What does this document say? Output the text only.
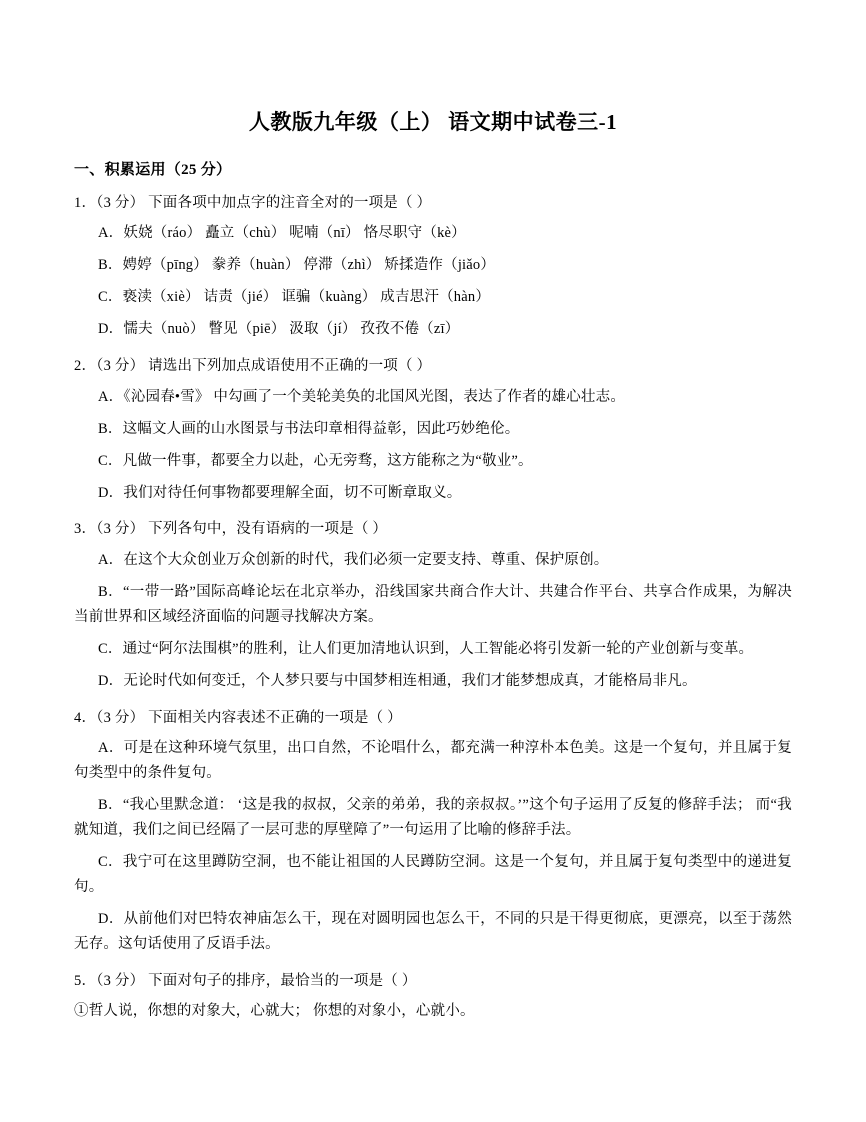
人教版九年级（上） 语文期中试卷三-1
一、积累运用（25 分）
1．（3 分） 下面各项中加点字的注音全对的一项是（ ）
A．妖娆（ráo） 矗立（chù） 呢喃（nī） 恪尽职守（kè）
B．娉婷（pīng） 豢养（huàn） 停滞（zhì） 矫揉造作（jiǎo）
C．亵渎（xiè） 诘责（jié） 诓骗（kuàng） 成吉思汗（hàn）
D．懦夫（nuò） 瞥见（piē） 汲取（jí） 孜孜不倦（zī）
2．（3 分） 请选出下列加点成语使用不正确的一项（ ）
A．《沁园春•雪》 中勾画了一个美轮美奂的北国风光图，表达了作者的雄心壮志。
B．这幅文人画的山水图景与书法印章相得益彰，因此巧妙绝伦。
C．凡做一件事，都要全力以赴，心无旁骛，这方能称之为“敬业”。
D．我们对待任何事物都要理解全面，切不可断章取义。
3．（3 分） 下列各句中，没有语病的一项是（ ）
A．在这个大众创业万众创新的时代，我们必须一定要支持、尊重、保护原创。
B．“一带一路”国际高峰论坛在北京举办，沿线国家共商合作大计、共建合作平台、共享合作成果，为解决当前世界和区域经济面临的问题寻找解决方案。
C．通过“阿尔法围棋”的胜利，让人们更加清地认识到，人工智能必将引发新一轮的产业创新与变革。
D．无论时代如何变迁，个人梦只要与中国梦相连相通，我们才能梦想成真，才能格局非凡。
4．（3 分） 下面相关内容表述不正确的一项是（ ）
A．可是在这种环境气氛里，出口自然，不论唱什么，都充满一种淳朴本色美。这是一个复句，并且属于复句类型中的条件复句。
B．“我心里默念道： ‘这是我的叔叔，父亲的弟弟，我的亲叔叔。’”这个句子运用了反复的修辞手法； 而“我就知道，我们之间已经隔了一层可悲的厚壁障了”一句运用了比喻的修辞手法。
C．我宁可在这里蹲防空洞，也不能让祖国的人民蹲防空洞。这是一个复句，并且属于复句类型中的递进复句。
D．从前他们对巴特农神庙怎么干，现在对圆明园也怎么干，不同的只是干得更彻底，更漂亮，以至于荡然无存。这句话使用了反语手法。
5．（3 分） 下面对句子的排序，最恰当的一项是（ ）
①哲人说，你想的对象大，心就大； 你想的对象小，心就小。
